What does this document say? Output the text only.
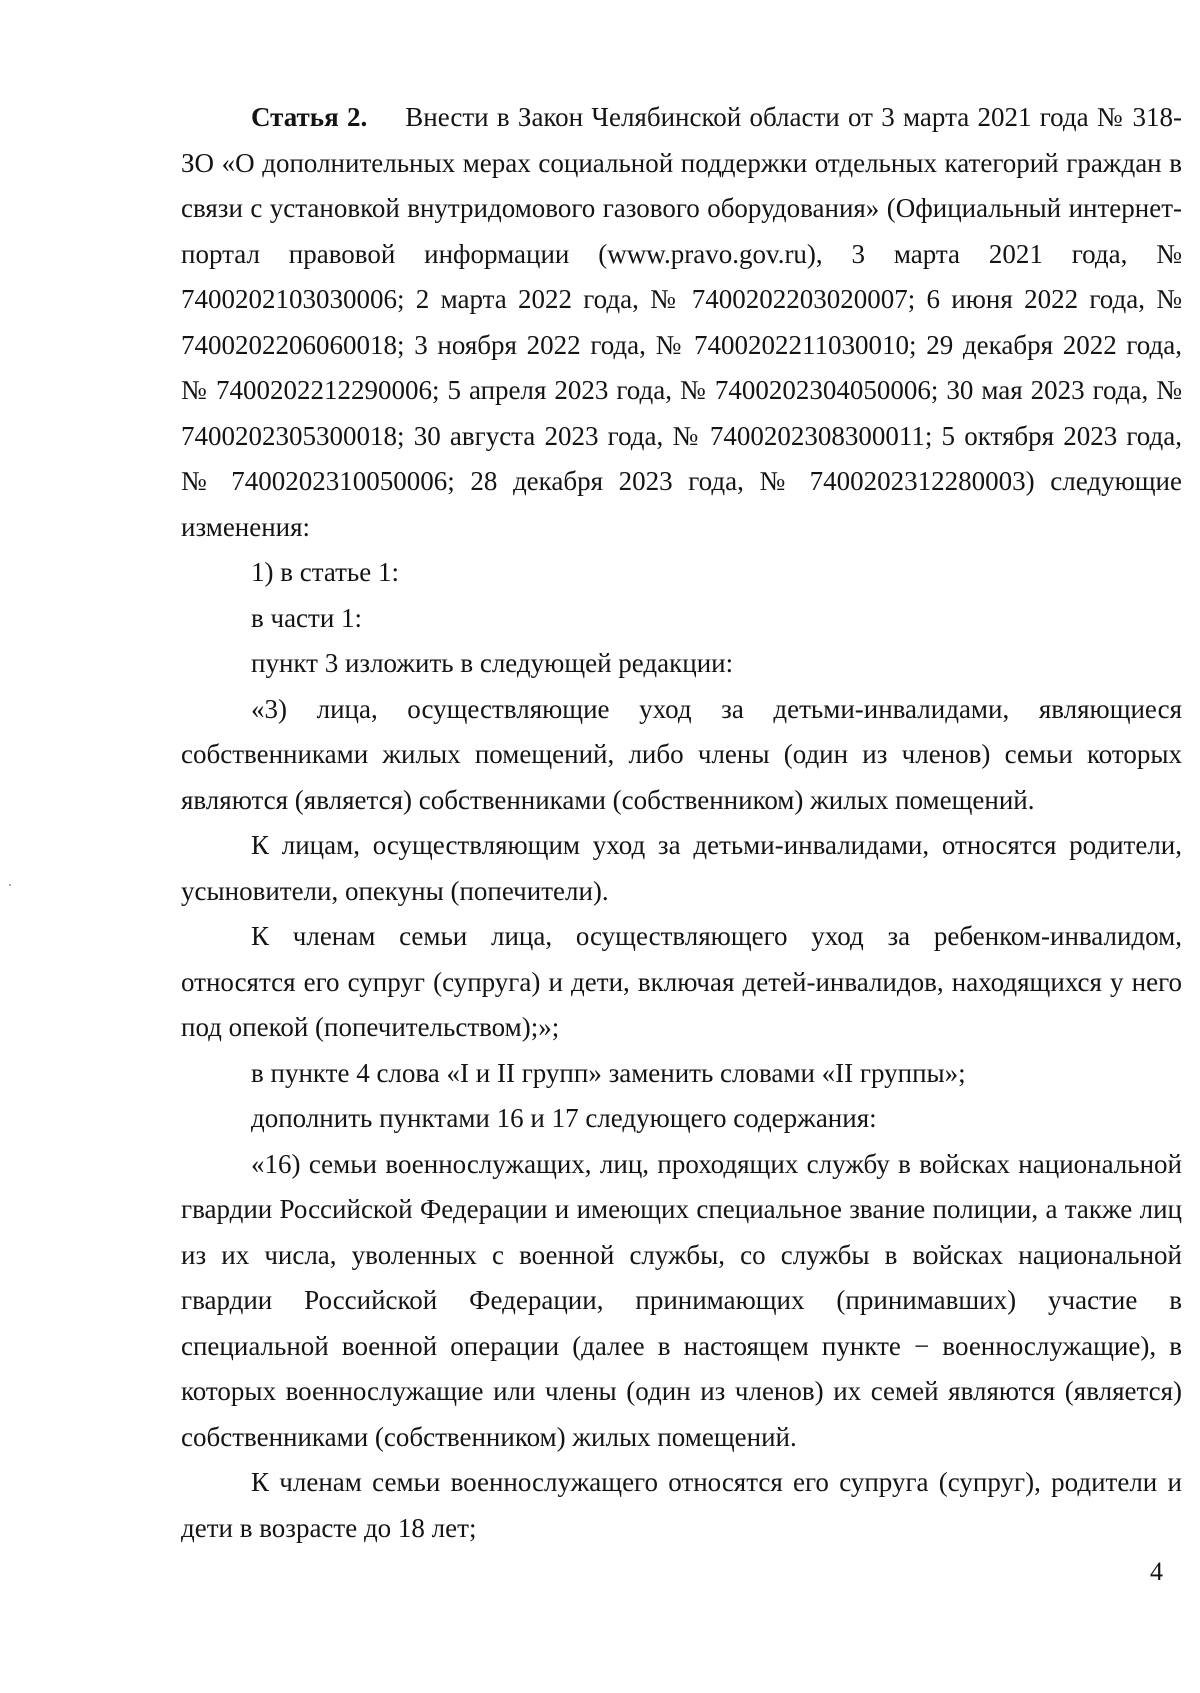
Статья 2. Внести в Закон Челябинской области от 3 марта 2021 года № 318-ЗО «О дополнительных мерах социальной поддержки отдельных категорий граждан в связи с установкой внутридомового газового оборудования» (Официальный интернет-портал правовой информации (www.pravo.gov.ru), 3 марта 2021 года, № 7400202103030006; 2 марта 2022 года, № 7400202203020007; 6 июня 2022 года, № 7400202206060018; 3 ноября 2022 года, № 7400202211030010; 29 декабря 2022 года, № 7400202212290006; 5 апреля 2023 года, № 7400202304050006; 30 мая 2023 года, № 7400202305300018; 30 августа 2023 года, № 7400202308300011; 5 октября 2023 года, № 7400202310050006; 28 декабря 2023 года, № 7400202312280003) следующие изменения:

1) в статье 1:

в части 1:

пункт 3 изложить в следующей редакции:

«3) лица, осуществляющие уход за детьми-инвалидами, являющиеся собственниками жилых помещений, либо члены (один из членов) семьи которых являются (является) собственниками (собственником) жилых помещений.

К лицам, осуществляющим уход за детьми-инвалидами, относятся родители, усыновители, опекуны (попечители).

К членам семьи лица, осуществляющего уход за ребенком-инвалидом, относятся его супруг (супруга) и дети, включая детей-инвалидов, находящихся у него под опекой (попечительством);»;

в пункте 4 слова «I и II групп» заменить словами «II группы»;

дополнить пунктами 16 и 17 следующего содержания:

«16) семьи военнослужащих, лиц, проходящих службу в войсках национальной гвардии Российской Федерации и имеющих специальное звание полиции, а также лиц из их числа, уволенных с военной службы, со службы в войсках национальной гвардии Российской Федерации, принимающих (принимавших) участие в специальной военной операции (далее в настоящем пункте − военнослужащие), в которых военнослужащие или члены (один из членов) их семей являются (является) собственниками (собственником) жилых помещений.

К членам семьи военнослужащего относятся его супруга (супруг), родители и дети в возрасте до 18 лет;

4
